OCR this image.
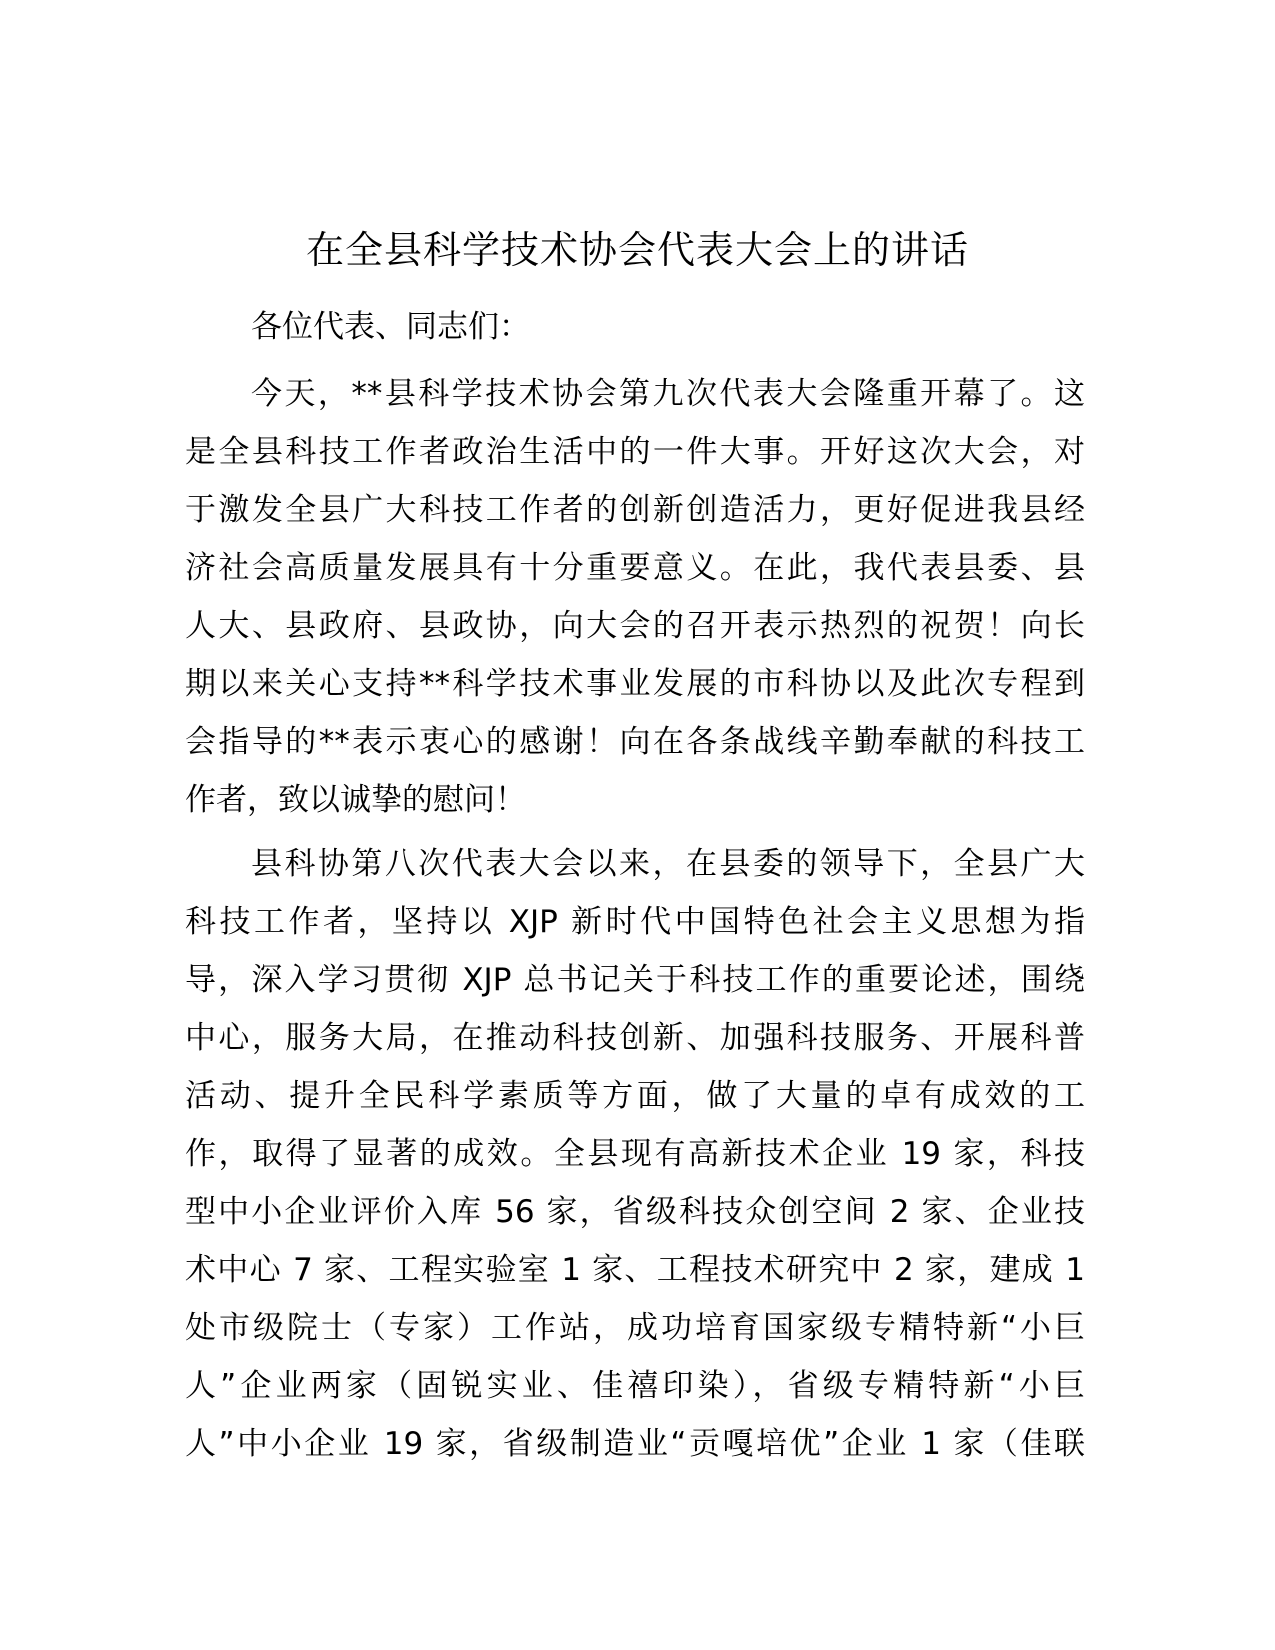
在全县科学技术协会代表大会上的讲话

各位代表、同志们：

今天，**县科学技术协会第九次代表大会隆重开幕了。这
是全县科技工作者政治生活中的一件大事。开好这次大会，对
于激发全县广大科技工作者的创新创造活力，更好促进我县经
济社会高质量发展具有十分重要意义。在此，我代表县委、县
人大、县政府、县政协，向大会的召开表示热烈的祝贺！向长
期以来关心支持**科学技术事业发展的市科协以及此次专程到
会指导的**表示衷心的感谢！向在各条战线辛勤奉献的科技工
作者，致以诚挚的慰问！
县科协第八次代表大会以来，在县委的领导下，全县广大
科技工作者，坚持以 XJP 新时代中国特色社会主义思想为指
导，深入学习贯彻 XJP 总书记关于科技工作的重要论述，围绕
中心，服务大局，在推动科技创新、加强科技服务、开展科普
活动、提升全民科学素质等方面，做了大量的卓有成效的工
作，取得了显著的成效。全县现有高新技术企业 19 家，科技
型中小企业评价入库 56 家，省级科技众创空间 2 家、企业技
术中心 7 家、工程实验室 1 家、工程技术研究中 2 家，建成 1
处市级院士（专家）工作站，成功培育国家级专精特新“小巨
人”企业两家（固锐实业、佳禧印染），省级专精特新“小巨
人”中小企业 19 家，省级制造业“贡嘎培优”企业 1 家（佳联
